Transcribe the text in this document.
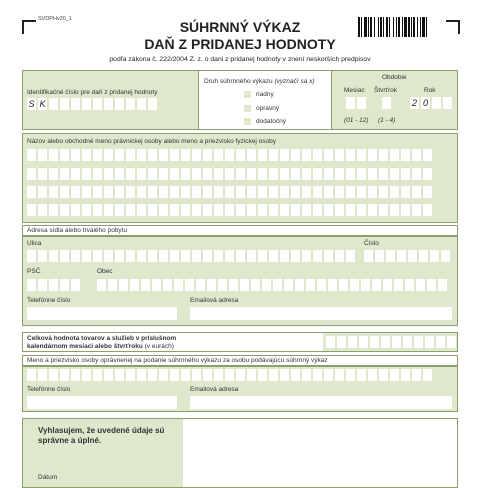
SVDPHv20_1	SÚHRNNÝ VÝKAZ
DAŇ Z PRIDANEJ HODNOTY
podľa zákona č. 222/2004 Z. z. o dani z pridanej hodnoty v znení neskorších predpisov
Identifikačné číslo pre daň z pridanej hodnoty
S K
Druh súhrnného výkazu (vyznačí sa x)
riadny
opravný
dodatočný
Obdobie
Mesiac Štvrťrok	Rok
2 0
(01 - 12) (1 - 4)
Názov alebo obchodné meno právnickej osoby alebo meno a priezvisko fyzickej osoby
Adresa sídla alebo trvalého pobytu
Ulica	Číslo
PSČ	Obec
Telefónne číslo	Emailová adresa
Celková hodnota tovarov a služieb v príslušnom
kalendárnom mesiaci alebo štvrťroku (v eurách)
Meno a priezvisko osoby oprávnenej na podanie súhrnného výkazu za osobu podávajúcu súhrnný výkaz
Telefónne číslo	Emailová adresa
Vyhlasujem, že uvedené údaje sú
správne a úplné.
Dátum
